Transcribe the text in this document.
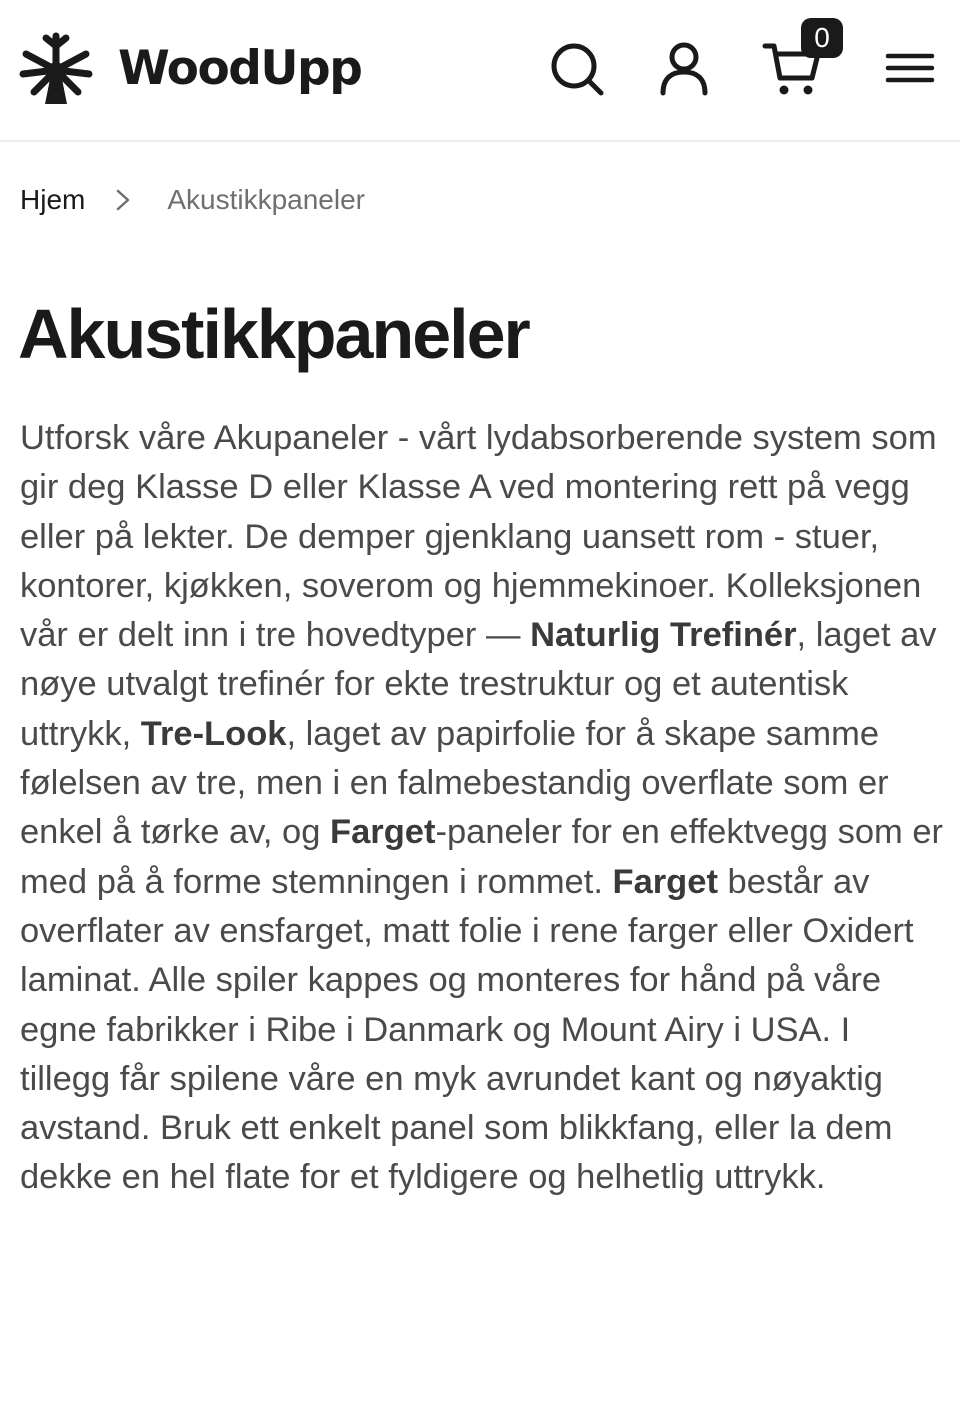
WoodUpp
0
Hjem	Akustikkpaneler
Akustikkpaneler

Utforsk våre Akupaneler - vårt lydabsorberende system som gir deg Klasse D eller Klasse A ved montering rett på vegg eller på lekter. De demper gjenklang uansett rom - stuer, kontorer, kjøkken, soverom og hjemmekinoer. Kolleksjonen vår er delt inn i tre hovedtyper — Naturlig Trefinér, laget av nøye utvalgt trefinér for ekte trestruktur og et autentisk uttrykk, Tre-Look, laget av papirfolie for å skape samme følelsen av tre, men i en falmebestandig overflate som er enkel å tørke av, og Farget-paneler for en effektvegg som er med på å forme stemningen i rommet. Farget består av overflater av ensfarget, matt folie i rene farger eller Oxidert laminat. Alle spiler kappes og monteres for hånd på våre egne fabrikker i Ribe i Danmark og Mount Airy i USA. I tillegg får spilene våre en myk avrundet kant og nøyaktig avstand. Bruk ett enkelt panel som blikkfang, eller la dem dekke en hel flate for et fyldigere og helhetlig uttrykk.
